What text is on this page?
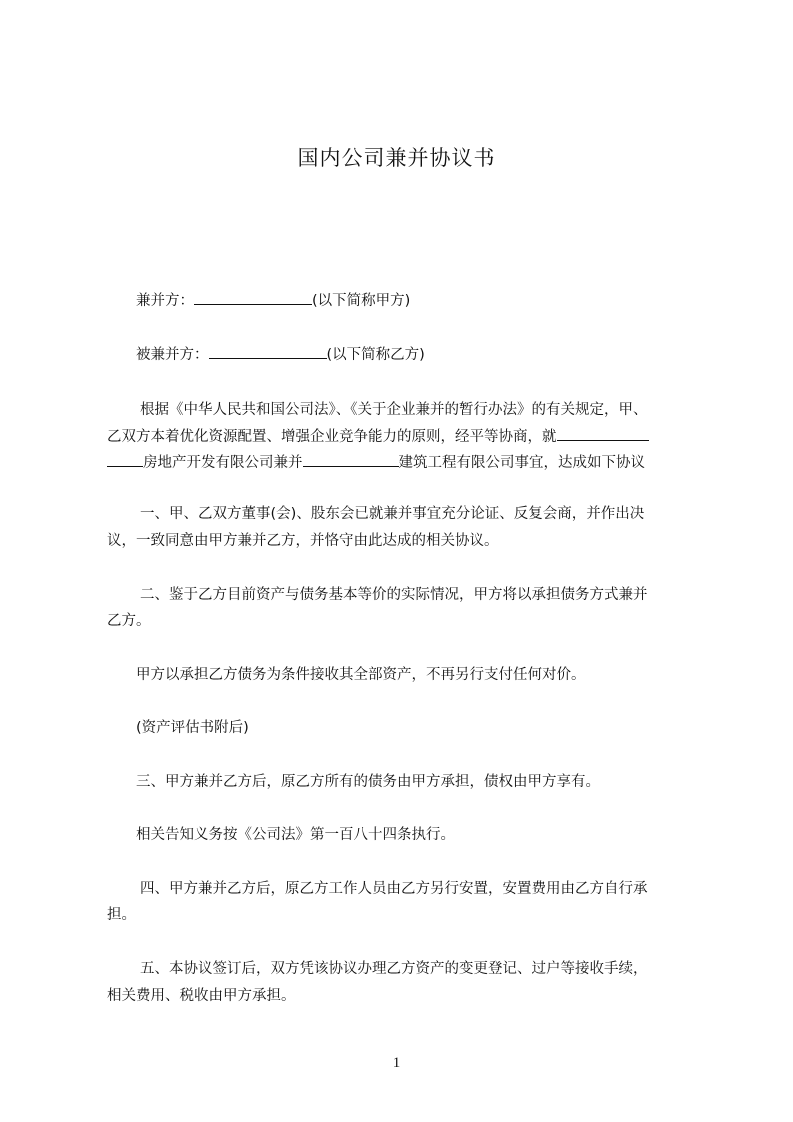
国内公司兼并协议书
兼并方：	(以下简称甲方)
被兼并方：	(以下简称乙方)
根据《中华人民共和国公司法》、《关于企业兼并的暂行办法》的有关规定，甲、
乙双方本着优化资源配置、增强企业竞争能力的原则，经平等协商，就
房地产开发有限公司兼并	建筑工程有限公司事宜，达成如下协议
一、甲、乙双方董事(会)、股东会已就兼并事宜充分论证、反复会商，并作出决
议，一致同意由甲方兼并乙方，并恪守由此达成的相关协议。
二、鉴于乙方目前资产与债务基本等价的实际情况，甲方将以承担债务方式兼并
乙方。
甲方以承担乙方债务为条件接收其全部资产，不再另行支付任何对价。
(资产评估书附后)
三、甲方兼并乙方后，原乙方所有的债务由甲方承担，债权由甲方享有。
相关告知义务按《公司法》第一百八十四条执行。
四、甲方兼并乙方后，原乙方工作人员由乙方另行安置，安置费用由乙方自行承
担。
五、本协议签订后，双方凭该协议办理乙方资产的变更登记、过户等接收手续，
相关费用、税收由甲方承担。
1
